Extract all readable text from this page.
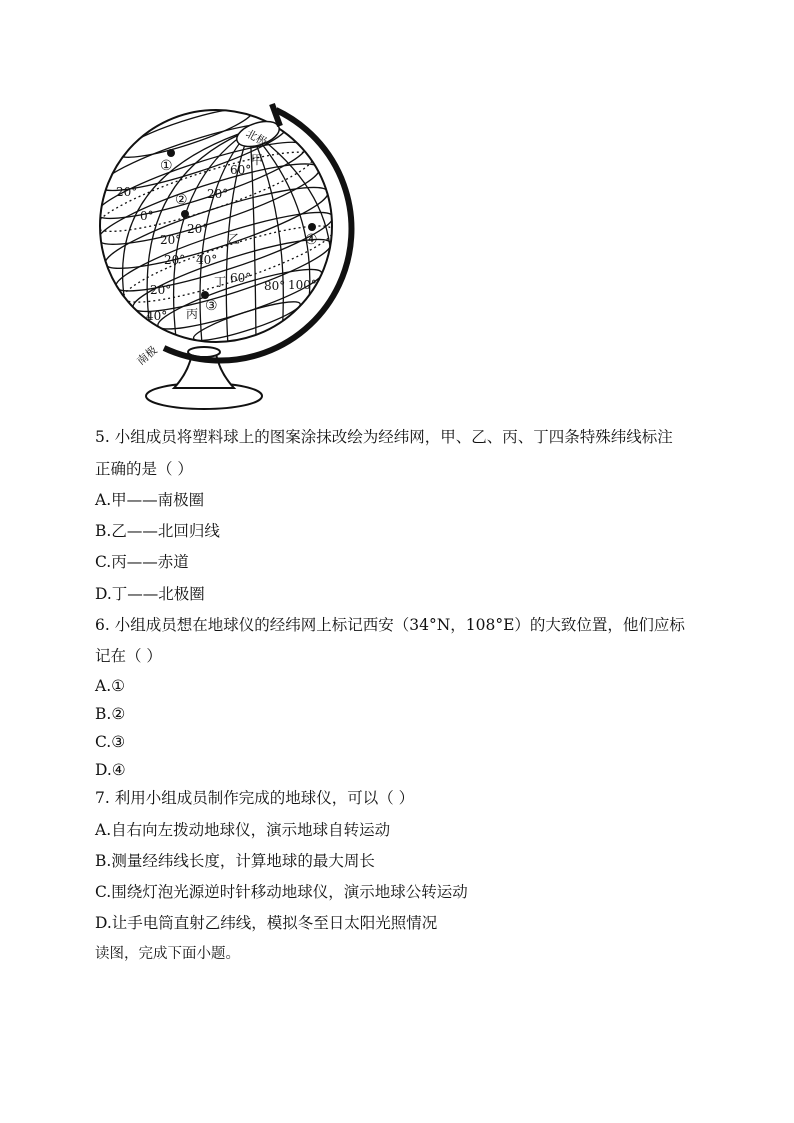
北极
甲
①	60°
20°	② 20°
0°
20°
乙	④
20°
20° 40°
60°
丁	80° 100°
20°
③
40° 丙
南极
5. 小组成员将塑料球上的图案涂抹改绘为经纬网，甲、乙、丙、丁四条特殊纬线标注
正确的是（ ）
A.甲——南极圈
B.乙——北回归线
C.丙——赤道
D.丁——北极圈
6. 小组成员想在地球仪的经纬网上标记西安（34°N，108°E）的大致位置，他们应标
记在（ ）
A.①
B.②
C.③
D.④
7. 利用小组成员制作完成的地球仪，可以（ ）
A.自右向左拨动地球仪，演示地球自转运动
B.测量经纬线长度，计算地球的最大周长
C.围绕灯泡光源逆时针移动地球仪，演示地球公转运动
D.让手电筒直射乙纬线，模拟冬至日太阳光照情况
读图，完成下面小题。
